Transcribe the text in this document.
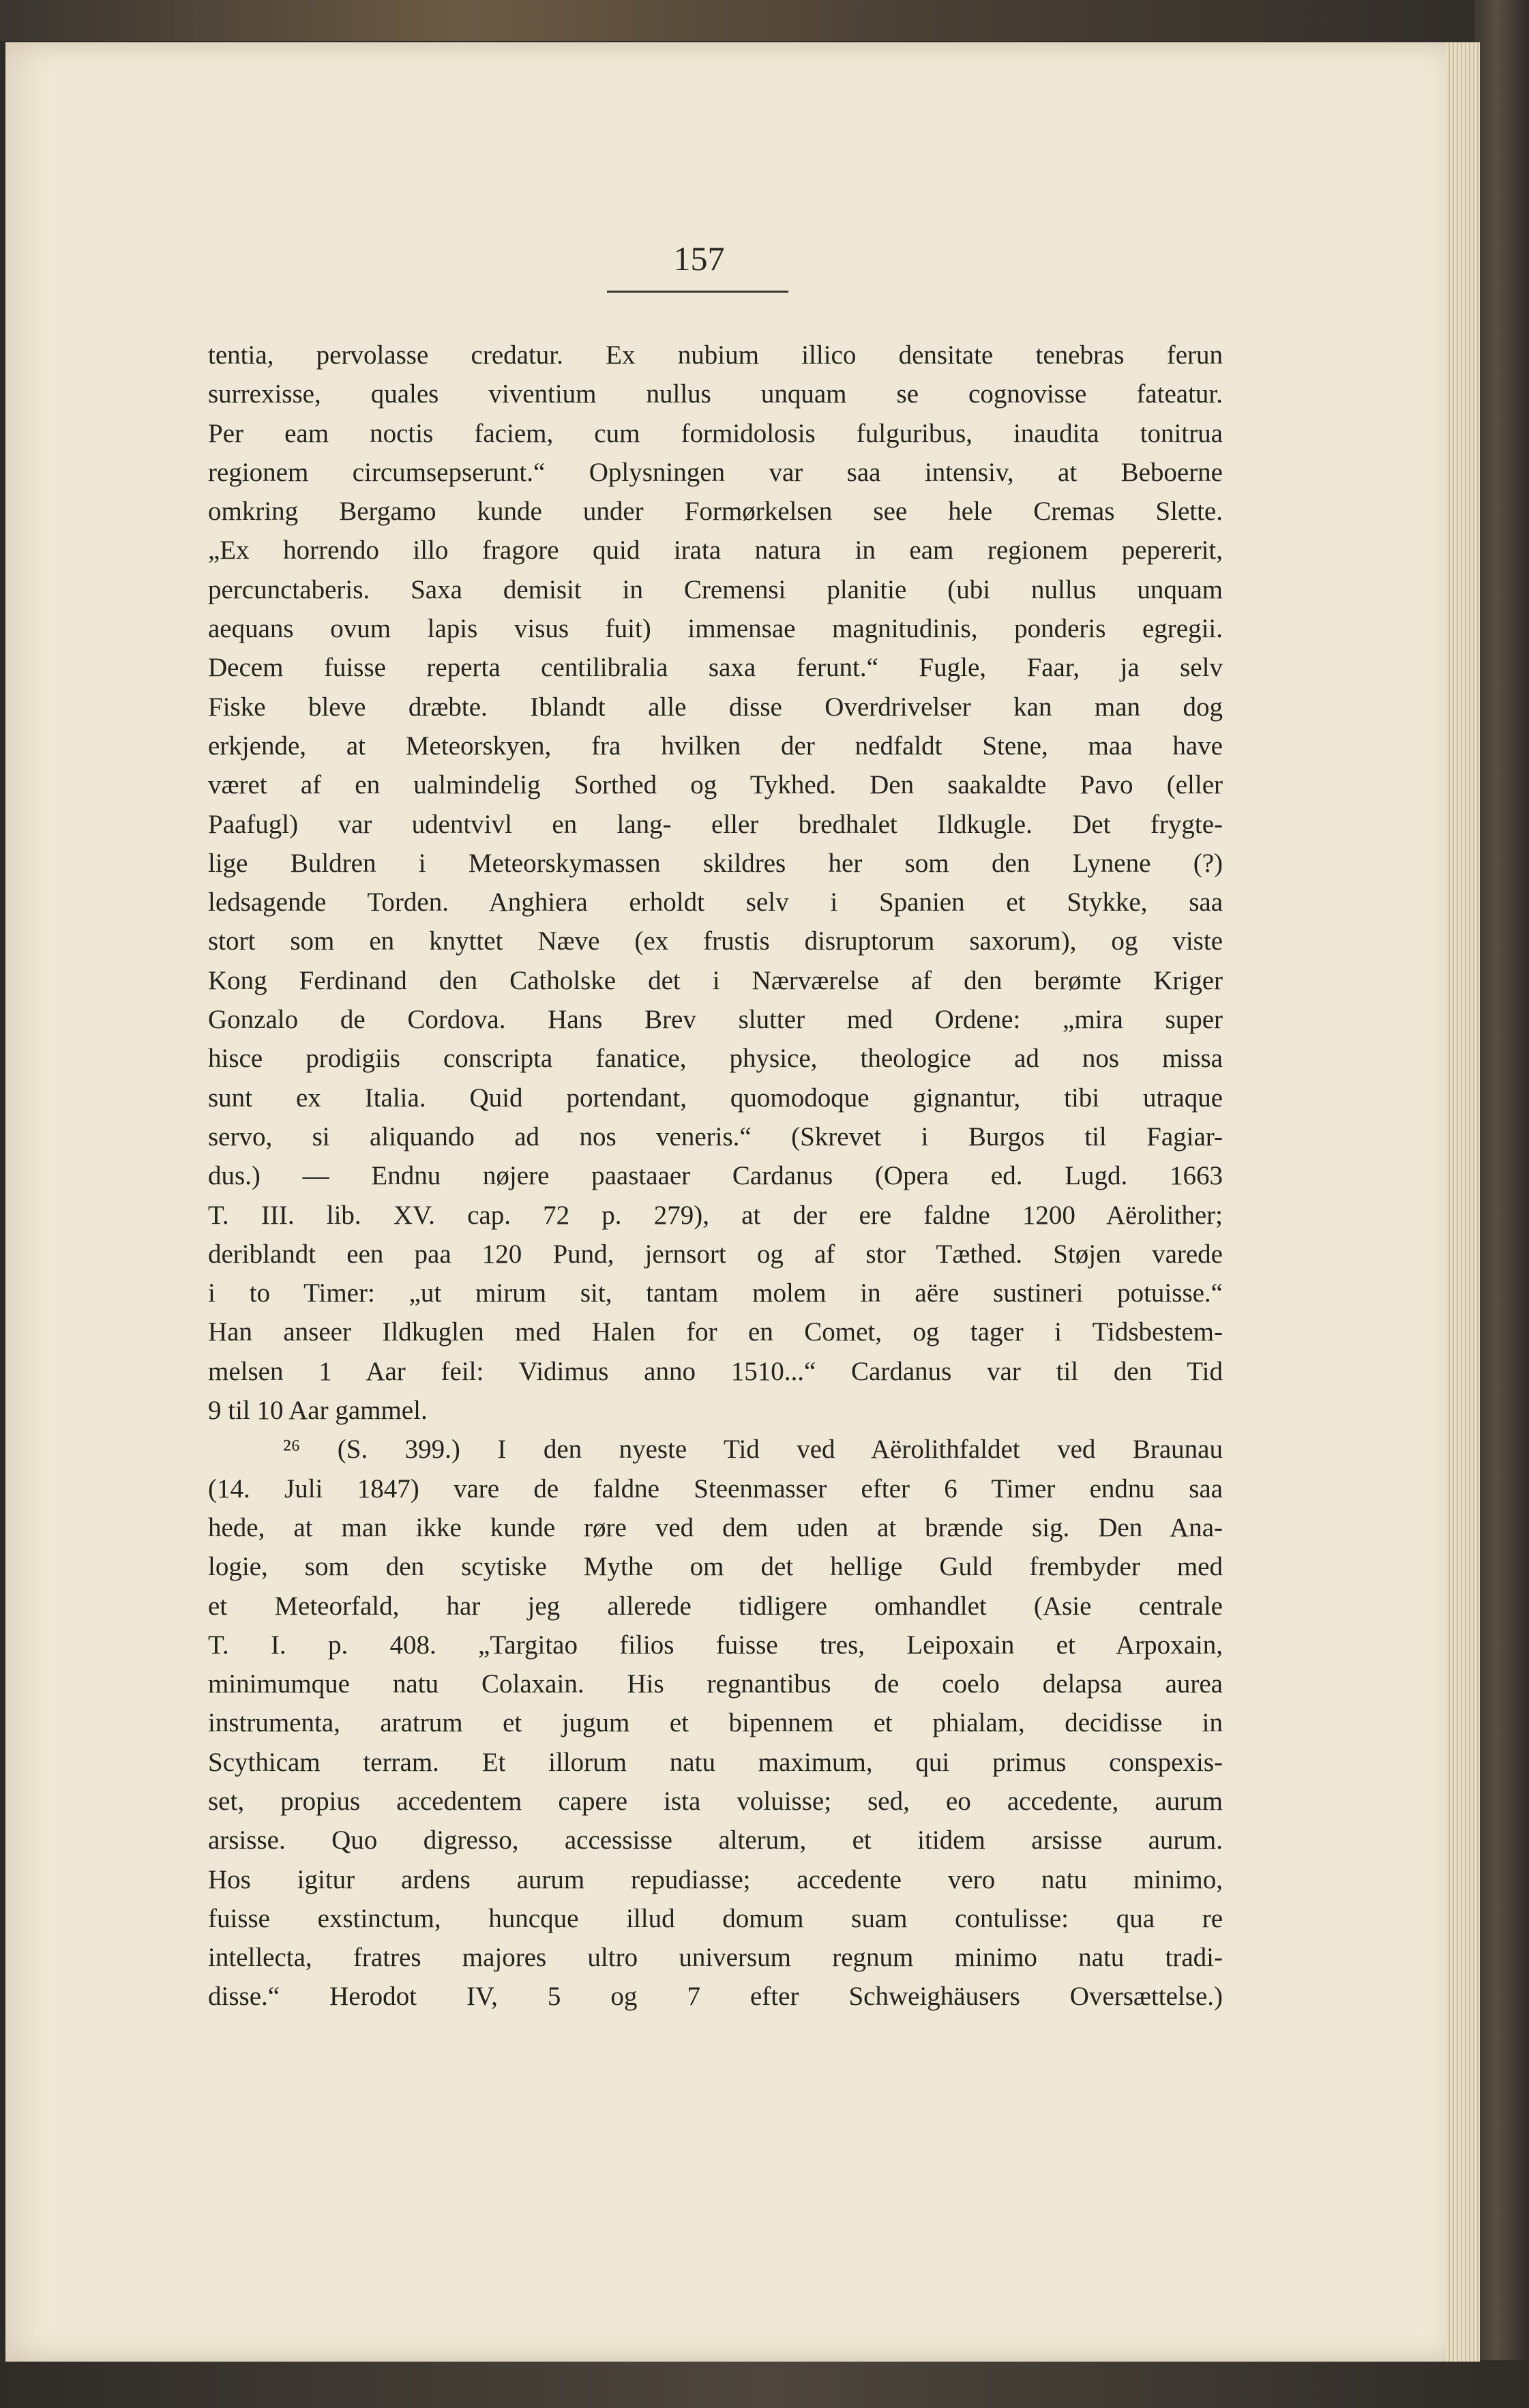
157
tentia, pervolasse credatur. Ex nubium illico densitate tenebras ferun
surrexisse, quales viventium nullus unquam se cognovisse fateatur.
Per eam noctis faciem, cum formidolosis fulguribus, inaudita tonitrua
regionem circumsepserunt.“ Oplysningen var saa intensiv, at Beboerne
omkring Bergamo kunde under Formørkelsen see hele Cremas Slette.
„Ex horrendo illo fragore quid irata natura in eam regionem pepererit,
percunctaberis. Saxa demisit in Cremensi planitie (ubi nullus unquam
aequans ovum lapis visus fuit) immensae magnitudinis, ponderis egregii.
Decem fuisse reperta centilibralia saxa ferunt.“ Fugle, Faar, ja selv
Fiske bleve dræbte. Iblandt alle disse Overdrivelser kan man dog
erkjende, at Meteorskyen, fra hvilken der nedfaldt Stene, maa have
været af en ualmindelig Sorthed og Tykhed. Den saakaldte Pavo (eller
Paafugl) var udentvivl en lang- eller bredhalet Ildkugle. Det frygte-
lige Buldren i Meteorskymassen skildres her som den Lynene (?)
ledsagende Torden. Anghiera erholdt selv i Spanien et Stykke, saa
stort som en knyttet Næve (ex frustis disruptorum saxorum), og viste
Kong Ferdinand den Catholske det i Nærværelse af den berømte Kriger
Gonzalo de Cordova. Hans Brev slutter med Ordene: „mira super
hisce prodigiis conscripta fanatice, physice, theologice ad nos missa
sunt ex Italia. Quid portendant, quomodoque gignantur, tibi utraque
servo, si aliquando ad nos veneris.“ (Skrevet i Burgos til Fagiar-
dus.) — Endnu nøjere paastaaer Cardanus (Opera ed. Lugd. 1663
T. III. lib. XV. cap. 72 p. 279), at der ere faldne 1200 Aërolither;
deriblandt een paa 120 Pund, jernsort og af stor Tæthed. Støjen varede
i to Timer: „ut mirum sit, tantam molem in aëre sustineri potuisse.“
Han anseer Ildkuglen med Halen for en Comet, og tager i Tidsbestem-
melsen 1 Aar feil: Vidimus anno 1510...“ Cardanus var til den Tid
9 til 10 Aar gammel.
²⁶ (S. 399.) I den nyeste Tid ved Aërolithfaldet ved Braunau
(14. Juli 1847) vare de faldne Steenmasser efter 6 Timer endnu saa
hede, at man ikke kunde røre ved dem uden at brænde sig. Den Ana-
logie, som den scytiske Mythe om det hellige Guld frembyder med
et Meteorfald, har jeg allerede tidligere omhandlet (Asie centrale
T. I. p. 408. „Targitao filios fuisse tres, Leipoxain et Arpoxain,
minimumque natu Colaxain. His regnantibus de coelo delapsa aurea
instrumenta, aratrum et jugum et bipennem et phialam, decidisse in
Scythicam terram. Et illorum natu maximum, qui primus conspexis-
set, propius accedentem capere ista voluisse; sed, eo accedente, aurum
arsisse. Quo digresso, accessisse alterum, et itidem arsisse aurum.
Hos igitur ardens aurum repudiasse; accedente vero natu minimo,
fuisse exstinctum, huncque illud domum suam contulisse: qua re
intellecta, fratres majores ultro universum regnum minimo natu tradi-
disse.“ Herodot IV, 5 og 7 efter Schweighäusers Oversættelse.)
